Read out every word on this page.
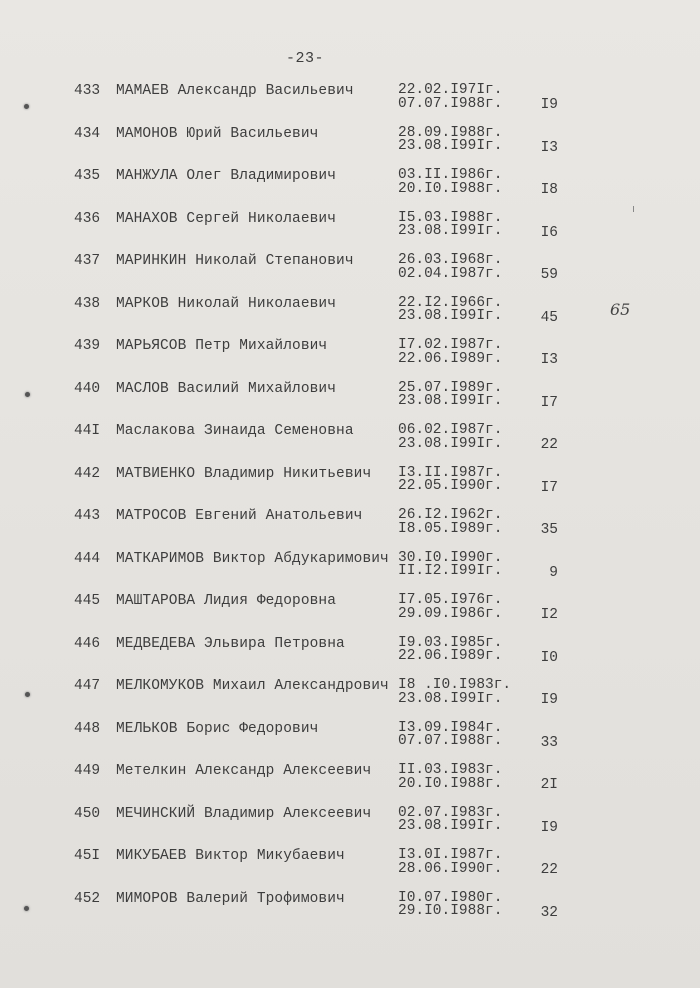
-23-
65
433	МАМАЕВ Александр Васильевич	22.02.I97Iг.
07.07.I988г.	I9
434	МАМОНОВ Юрий Васильевич	28.09.I988г.
23.08.I99Iг.	I3
435	МАНЖУЛА Олег Владимирович	03.II.I986г.
20.I0.I988г.	I8
436	МАНАХОВ Сергей Николаевич	I5.03.I988г.
23.08.I99Iг.	I6
437	МАРИНКИН Николай Степанович	26.03.I968г.
02.04.I987г.	59
438	МАРКОВ Николай Николаевич	22.I2.I966г.
23.08.I99Iг.	45
439	МАРЬЯСОВ Петр Михайлович	I7.02.I987г.
22.06.I989г.	I3
440	МАСЛОВ Василий Михайлович	25.07.I989г.
23.08.I99Iг.	I7
44I	Маслакова Зинаида Семеновна	06.02.I987г.
23.08.I99Iг.	22
442	МАТВИЕНКО Владимир Никитьевич I3.II.I987г.
22.05.I990г.	I7
443	МАТРОСОВ Евгений Анатольевич 26.I2.I962г.
I8.05.I989г.	35
444	МАТКАРИМОВ Виктор Абдукаримович 30.I0.I990г.
II.I2.I99Iг.	9
445	МАШТАРОВА Лидия Федоровна	I7.05.I976г.
29.09.I986г.	I2
446	МЕДВЕДЕВА Эльвира Петровна	I9.03.I985г.
22.06.I989г.	I0
447	МЕЛКОМУКОВ Михаил Александрович I8 .I0.I983г.
23.08.I99Iг.	I9
448	МЕЛЬКОВ Борис Федорович	I3.09.I984г.
07.07.I988г.	33
449	Метелкин Александр Алексеевич II.03.I983г.
20.I0.I988г.	2I
450	МЕЧИНСКИЙ Владимир Алексеевич 02.07.I983г.
23.08.I99Iг.	I9
45I	МИКУБАЕВ Виктор Микубаевич	I3.0I.I987г.
28.06.I990г.	22
452	МИМОРОВ Валерий Трофимович	I0.07.I980г.
29.I0.I988г.	32
